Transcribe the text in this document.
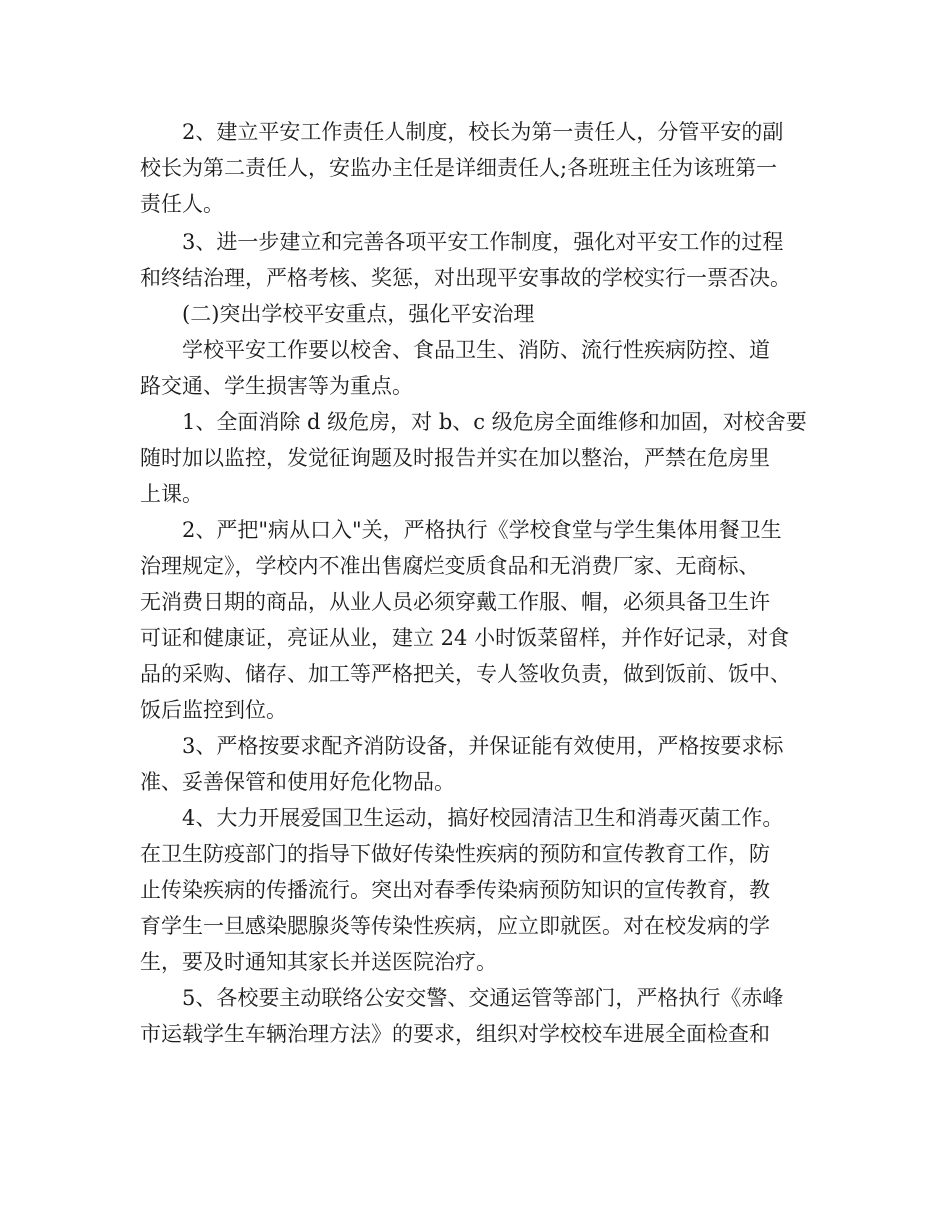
2、建立平安工作责任人制度，校长为第一责任人，分管平安的副
校长为第二责任人，安监办主任是详细责任人;各班班主任为该班第一
责任人。
3、进一步建立和完善各项平安工作制度，强化对平安工作的过程
和终结治理，严格考核、奖惩，对出现平安事故的学校实行一票否决。
(二)突出学校平安重点，强化平安治理
学校平安工作要以校舍、食品卫生、消防、流行性疾病防控、道
路交通、学生损害等为重点。
1、全面消除 d 级危房，对 b、c 级危房全面维修和加固，对校舍要
随时加以监控，发觉征询题及时报告并实在加以整治，严禁在危房里
上课。
2、严把"病从口入"关，严格执行《学校食堂与学生集体用餐卫生
治理规定》，学校内不准出售腐烂变质食品和无消费厂家、无商标、
无消费日期的商品，从业人员必须穿戴工作服、帽，必须具备卫生许
可证和健康证，亮证从业，建立 24 小时饭菜留样，并作好记录，对食
品的采购、储存、加工等严格把关，专人签收负责，做到饭前、饭中、
饭后监控到位。
3、严格按要求配齐消防设备，并保证能有效使用，严格按要求标
准、妥善保管和使用好危化物品。
4、大力开展爱国卫生运动，搞好校园清洁卫生和消毒灭菌工作。
在卫生防疫部门的指导下做好传染性疾病的预防和宣传教育工作，防
止传染疾病的传播流行。突出对春季传染病预防知识的宣传教育，教
育学生一旦感染腮腺炎等传染性疾病，应立即就医。对在校发病的学
生，要及时通知其家长并送医院治疗。
5、各校要主动联络公安交警、交通运管等部门，严格执行《赤峰
市运载学生车辆治理方法》的要求，组织对学校校车进展全面检查和
